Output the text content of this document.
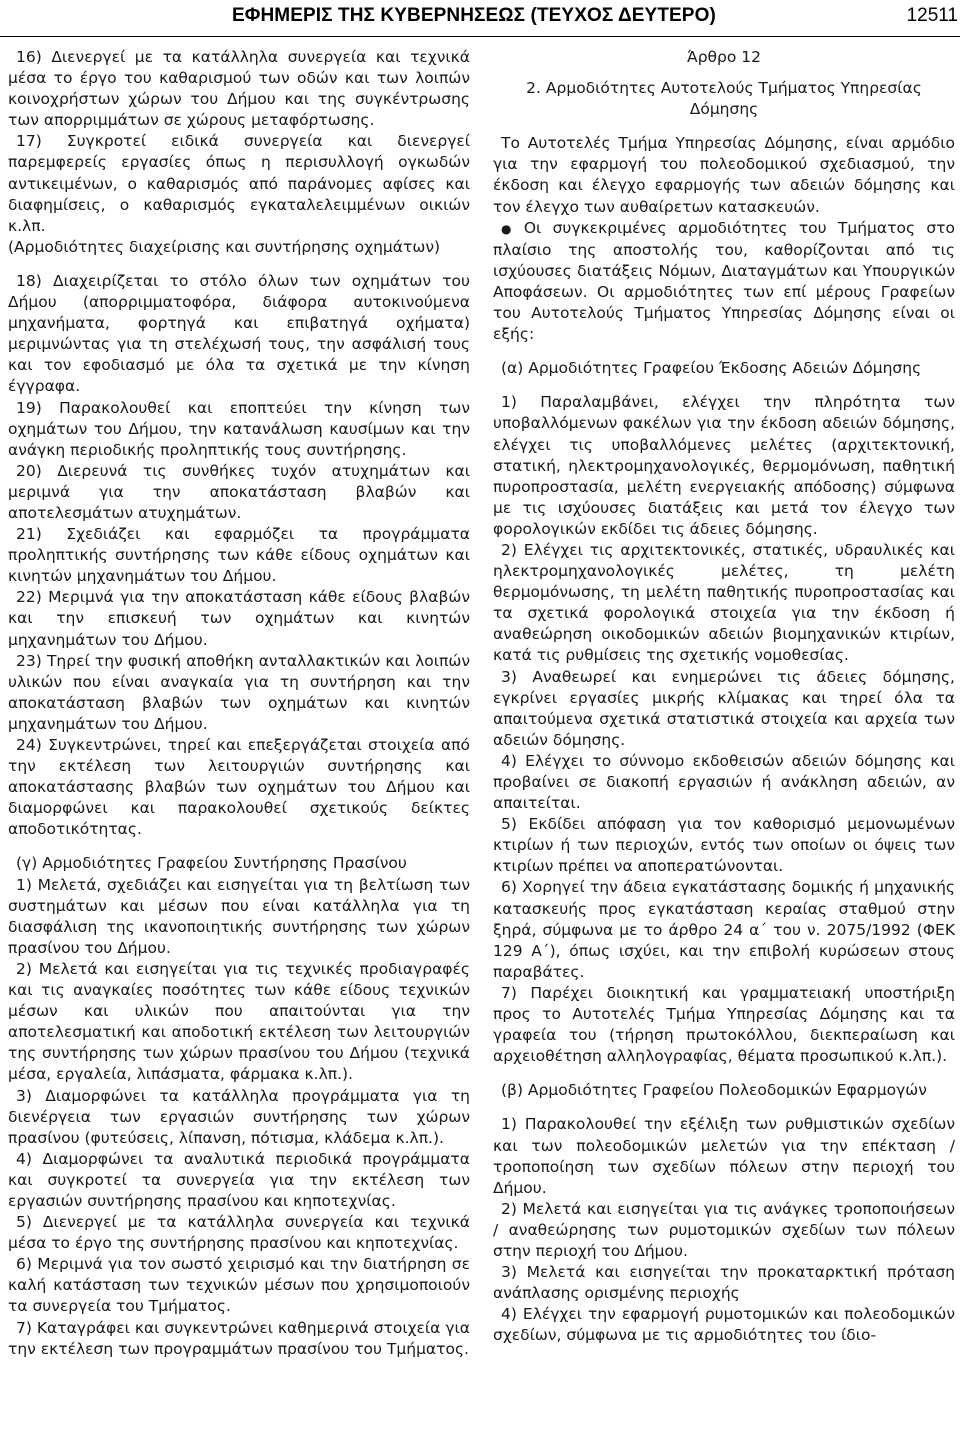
ΕΦΗΜΕΡΙΣ ΤΗΣ ΚΥΒΕΡΝΗΣΕΩΣ (ΤΕΥΧΟΣ ΔΕΥΤΕΡΟ)	12511

16) Διενεργεί με τα κατάλληλα συνεργεία και τεχνικά μέσα το έργο του καθαρισμού των οδών και των λοιπών κοινοχρήστων χώρων του Δήμου και της συγκέντρωσης των απορριμμάτων σε χώρους μεταφόρτωσης.

17) Συγκροτεί ειδικά συνεργεία και διενεργεί παρεμφερείς εργασίες όπως η περισυλλογή ογκωδών αντικειμένων, ο καθαρισμός από παράνομες αφίσες και διαφημίσεις, ο καθαρισμός εγκαταλελειμμένων οικιών κ.λπ.

(Αρμοδιότητες διαχείρισης και συντήρησης οχημάτων)

18) Διαχειρίζεται το στόλο όλων των οχημάτων του Δήμου (απορριμματοφόρα, διάφορα αυτοκινούμενα μηχανήματα, φορτηγά και επιβατηγά οχήματα) μεριμνώντας για τη στελέχωσή τους, την ασφάλισή τους και τον εφοδιασμό με όλα τα σχετικά με την κίνηση έγγραφα.

19) Παρακολουθεί και εποπτεύει την κίνηση των οχημάτων του Δήμου, την κατανάλωση καυσίμων και την ανάγκη περιοδικής προληπτικής τους συντήρησης.

20) Διερευνά τις συνθήκες τυχόν ατυχημάτων και μεριμνά για την αποκατάσταση βλαβών και αποτελεσμάτων ατυχημάτων.

21) Σχεδιάζει και εφαρμόζει τα προγράμματα προληπτικής συντήρησης των κάθε είδους οχημάτων και κινητών μηχανημάτων του Δήμου.

22) Μεριμνά για την αποκατάσταση κάθε είδους βλαβών και την επισκευή των οχημάτων και κινητών μηχανημάτων του Δήμου.

23) Τηρεί την φυσική αποθήκη ανταλλακτικών και λοιπών υλικών που είναι αναγκαία για τη συντήρηση και την αποκατάσταση βλαβών των οχημάτων και κινητών μηχανημάτων του Δήμου.

24) Συγκεντρώνει, τηρεί και επεξεργάζεται στοιχεία από την εκτέλεση των λειτουργιών συντήρησης και αποκατάστασης βλαβών των οχημάτων του Δήμου και διαμορφώνει και παρακολουθεί σχετικούς δείκτες αποδοτικότητας.

(γ) Αρμοδιότητες Γραφείου Συντήρησης Πρασίνου

1) Μελετά, σχεδιάζει και εισηγείται για τη βελτίωση των συστημάτων και μέσων που είναι κατάλληλα για τη διασφάλιση της ικανοποιητικής συντήρησης των χώρων πρασίνου του Δήμου.

2) Μελετά και εισηγείται για τις τεχνικές προδιαγραφές και τις αναγκαίες ποσότητες των κάθε είδους τεχνικών μέσων και υλικών που απαιτούνται για την αποτελεσματική και αποδοτική εκτέλεση των λειτουργιών της συντήρησης των χώρων πρασίνου του Δήμου (τεχνικά μέσα, εργαλεία, λιπάσματα, φάρμακα κ.λπ.).

3) Διαμορφώνει τα κατάλληλα προγράμματα για τη διενέργεια των εργασιών συντήρησης των χώρων πρασίνου (φυτεύσεις, λίπανση, πότισμα, κλάδεμα κ.λπ.).

4) Διαμορφώνει τα αναλυτικά περιοδικά προγράμματα και συγκροτεί τα συνεργεία για την εκτέλεση των εργασιών συντήρησης πρασίνου και κηποτεχνίας.

5) Διενεργεί με τα κατάλληλα συνεργεία και τεχνικά μέσα το έργο της συντήρησης πρασίνου και κηποτεχνίας.

6) Μεριμνά για τον σωστό χειρισμό και την διατήρηση σε καλή κατάσταση των τεχνικών μέσων που χρησιμοποιούν τα συνεργεία του Τμήματος.

7) Καταγράφει και συγκεντρώνει καθημερινά στοιχεία για την εκτέλεση των προγραμμάτων πρασίνου του Τμήματος.

Άρθρο 12

2. Αρμοδιότητες Αυτοτελούς Τμήματος Υπηρεσίας Δόμησης

Το Αυτοτελές Τμήμα Υπηρεσίας Δόμησης, είναι αρμόδιο για την εφαρμογή του πολεοδομικού σχεδιασμού, την έκδοση και έλεγχο εφαρμογής των αδειών δόμησης και τον έλεγχο των αυθαίρετων κατασκευών.

● Οι συγκεκριμένες αρμοδιότητες του Τμήματος στο πλαίσιο της αποστολής του, καθορίζονται από τις ισχύουσες διατάξεις Νόμων, Διαταγμάτων και Υπουργικών Αποφάσεων. Οι αρμοδιότητες των επί μέρους Γραφείων του Αυτοτελούς Τμήματος Υπηρεσίας Δόμησης είναι οι εξής:

(α) Αρμοδιότητες Γραφείου Έκδοσης Αδειών Δόμησης

1) Παραλαμβάνει, ελέγχει την πληρότητα των υποβαλλόμενων φακέλων για την έκδοση αδειών δόμησης, ελέγχει τις υποβαλλόμενες μελέτες (αρχιτεκτονική, στατική, ηλεκτρομηχανολογικές, θερμομόνωση, παθητική πυροπροστασία, μελέτη ενεργειακής απόδοσης) σύμφωνα με τις ισχύουσες διατάξεις και μετά τον έλεγχο των φορολογικών εκδίδει τις άδειες δόμησης.

2) Ελέγχει τις αρχιτεκτονικές, στατικές, υδραυλικές και ηλεκτρομηχανολογικές μελέτες, τη μελέτη θερμομόνωσης, τη μελέτη παθητικής πυροπροστασίας και τα σχετικά φορολογικά στοιχεία για την έκδοση ή αναθεώρηση οικοδομικών αδειών βιομηχανικών κτιρίων, κατά τις ρυθμίσεις της σχετικής νομοθεσίας.

3) Αναθεωρεί και ενημερώνει τις άδειες δόμησης, εγκρίνει εργασίες μικρής κλίμακας και τηρεί όλα τα απαιτούμενα σχετικά στατιστικά στοιχεία και αρχεία των αδειών δόμησης.

4) Ελέγχει το σύννομο εκδοθεισών αδειών δόμησης και προβαίνει σε διακοπή εργασιών ή ανάκληση αδειών, αν απαιτείται.

5) Εκδίδει απόφαση για τον καθορισμό μεμονωμένων κτιρίων ή των περιοχών, εντός των οποίων οι όψεις των κτιρίων πρέπει να αποπερατώνονται.

6) Χορηγεί την άδεια εγκατάστασης δομικής ή μηχανικής κατασκευής προς εγκατάσταση κεραίας σταθμού στην ξηρά, σύμφωνα με το άρθρο 24 α΄ του ν. 2075/1992 (ΦΕΚ 129 Α΄), όπως ισχύει, και την επιβολή κυρώσεων στους παραβάτες.

7) Παρέχει διοικητική και γραμματειακή υποστήριξη προς το Αυτοτελές Τμήμα Υπηρεσίας Δόμησης και τα γραφεία του (τήρηση πρωτοκόλλου, διεκπεραίωση και αρχειοθέτηση αλληλογραφίας, θέματα προσωπικού κ.λπ.).

(β) Αρμοδιότητες Γραφείου Πολεοδομικών Εφαρμογών

1) Παρακολουθεί την εξέλιξη των ρυθμιστικών σχεδίων και των πολεοδομικών μελετών για την επέκταση / τροποποίηση των σχεδίων πόλεων στην περιοχή του Δήμου.

2) Μελετά και εισηγείται για τις ανάγκες τροποποιήσεων / αναθεώρησης των ρυμοτομικών σχεδίων των πόλεων στην περιοχή του Δήμου.

3) Μελετά και εισηγείται την προκαταρκτική πρόταση ανάπλασης ορισμένης περιοχής

4) Ελέγχει την εφαρμογή ρυμοτομικών και πολεοδομικών σχεδίων, σύμφωνα με τις αρμοδιότητες του ίδιο-
